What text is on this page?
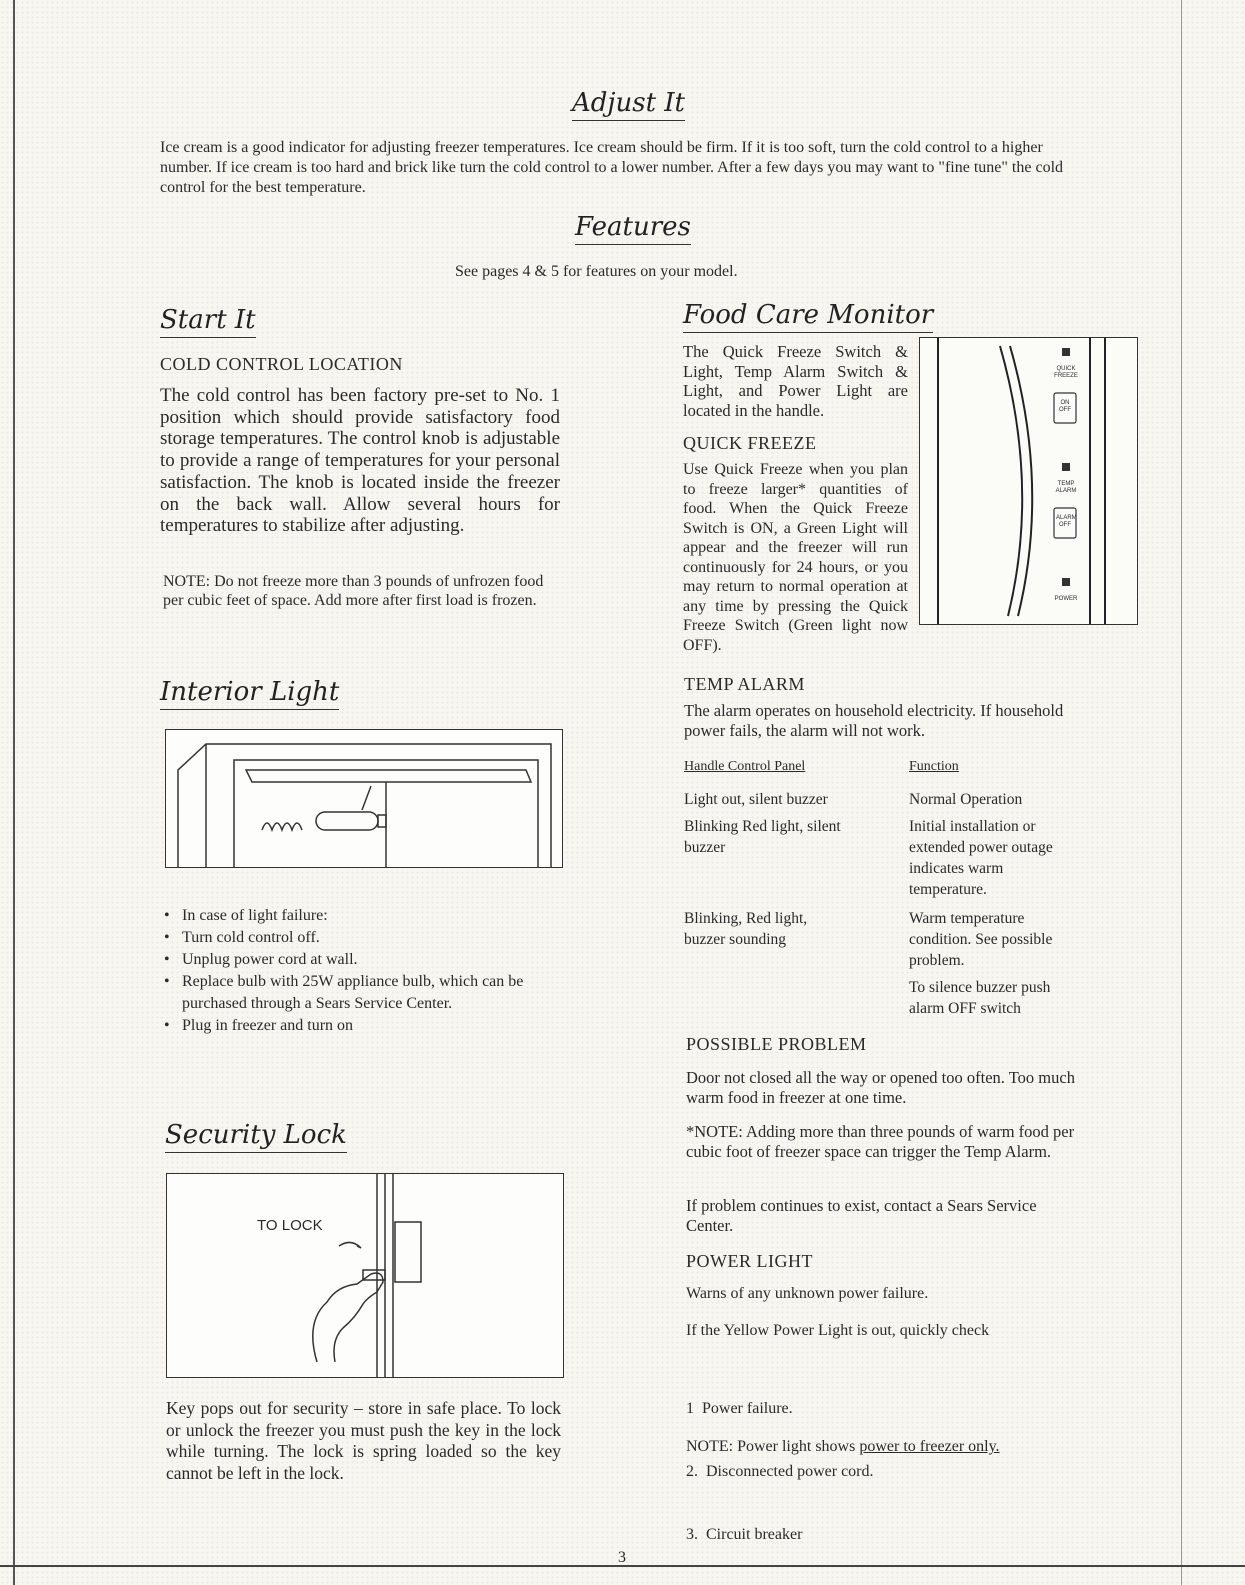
Adjust It
Ice cream is a good indicator for adjusting freezer temperatures. Ice cream should be firm. If it is too soft, turn the cold control to a higher number. If ice cream is too hard and brick like turn the cold control to a lower number. After a few days you may want to "fine tune" the cold control for the best temperature.
Features
See pages 4 & 5 for features on your model.
Start It
COLD CONTROL LOCATION
The cold control has been factory pre-set to No. 1 position which should provide satisfactory food storage temperatures. The control knob is adjustable to provide a range of temperatures for your personal satisfaction. The knob is located inside the freezer on the back wall. Allow several hours for temperatures to stabilize after adjusting.
NOTE: Do not freeze more than 3 pounds of unfrozen food per cubic feet of space. Add more after first load is frozen.
Interior Light
• In case of light failure:
• Turn cold control off.
• Unplug power cord at wall.
• Replace bulb with 25W appliance bulb, which can be purchased through a Sears Service Center.
• Plug in freezer and turn on
Security Lock
TO LOCK
Key pops out for security – store in safe place. To lock or unlock the freezer you must push the key in the lock while turning. The lock is spring loaded so the key cannot be left in the lock.
Food Care Monitor
The Quick Freeze Switch & Light, Temp Alarm Switch & Light, and Power Light are located in the handle.
QUICK FREEZE
ON OFF
TEMP ALARM
ALARM OFF
POWER
QUICK FREEZE
Use Quick Freeze when you plan to freeze larger* quantities of food. When the Quick Freeze Switch is ON, a Green Light will appear and the freezer will run continuously for 24 hours, or you may return to normal operation at any time by pressing the Quick Freeze Switch (Green light now OFF).
TEMP ALARM
The alarm operates on household electricity. If household power fails, the alarm will not work.
Handle Control Panel	Function
Light out, silent buzzer	Normal Operation
Blinking Red light, silent buzzer	Initial installation or extended power outage indicates warm temperature.
Blinking, Red light, buzzer sounding	Warm temperature condition. See possible problem.
	To silence buzzer push alarm OFF switch
POSSIBLE PROBLEM
Door not closed all the way or opened too often. Too much warm food in freezer at one time.
*NOTE: Adding more than three pounds of warm food per cubic foot of freezer space can trigger the Temp Alarm.
If problem continues to exist, contact a Sears Service Center.
POWER LIGHT
Warns of any unknown power failure.
If the Yellow Power Light is out, quickly check

1  Power failure.

2.  Disconnected power cord.

3.  Circuit breaker

NOTE: Power light shows power to freezer only.
3
